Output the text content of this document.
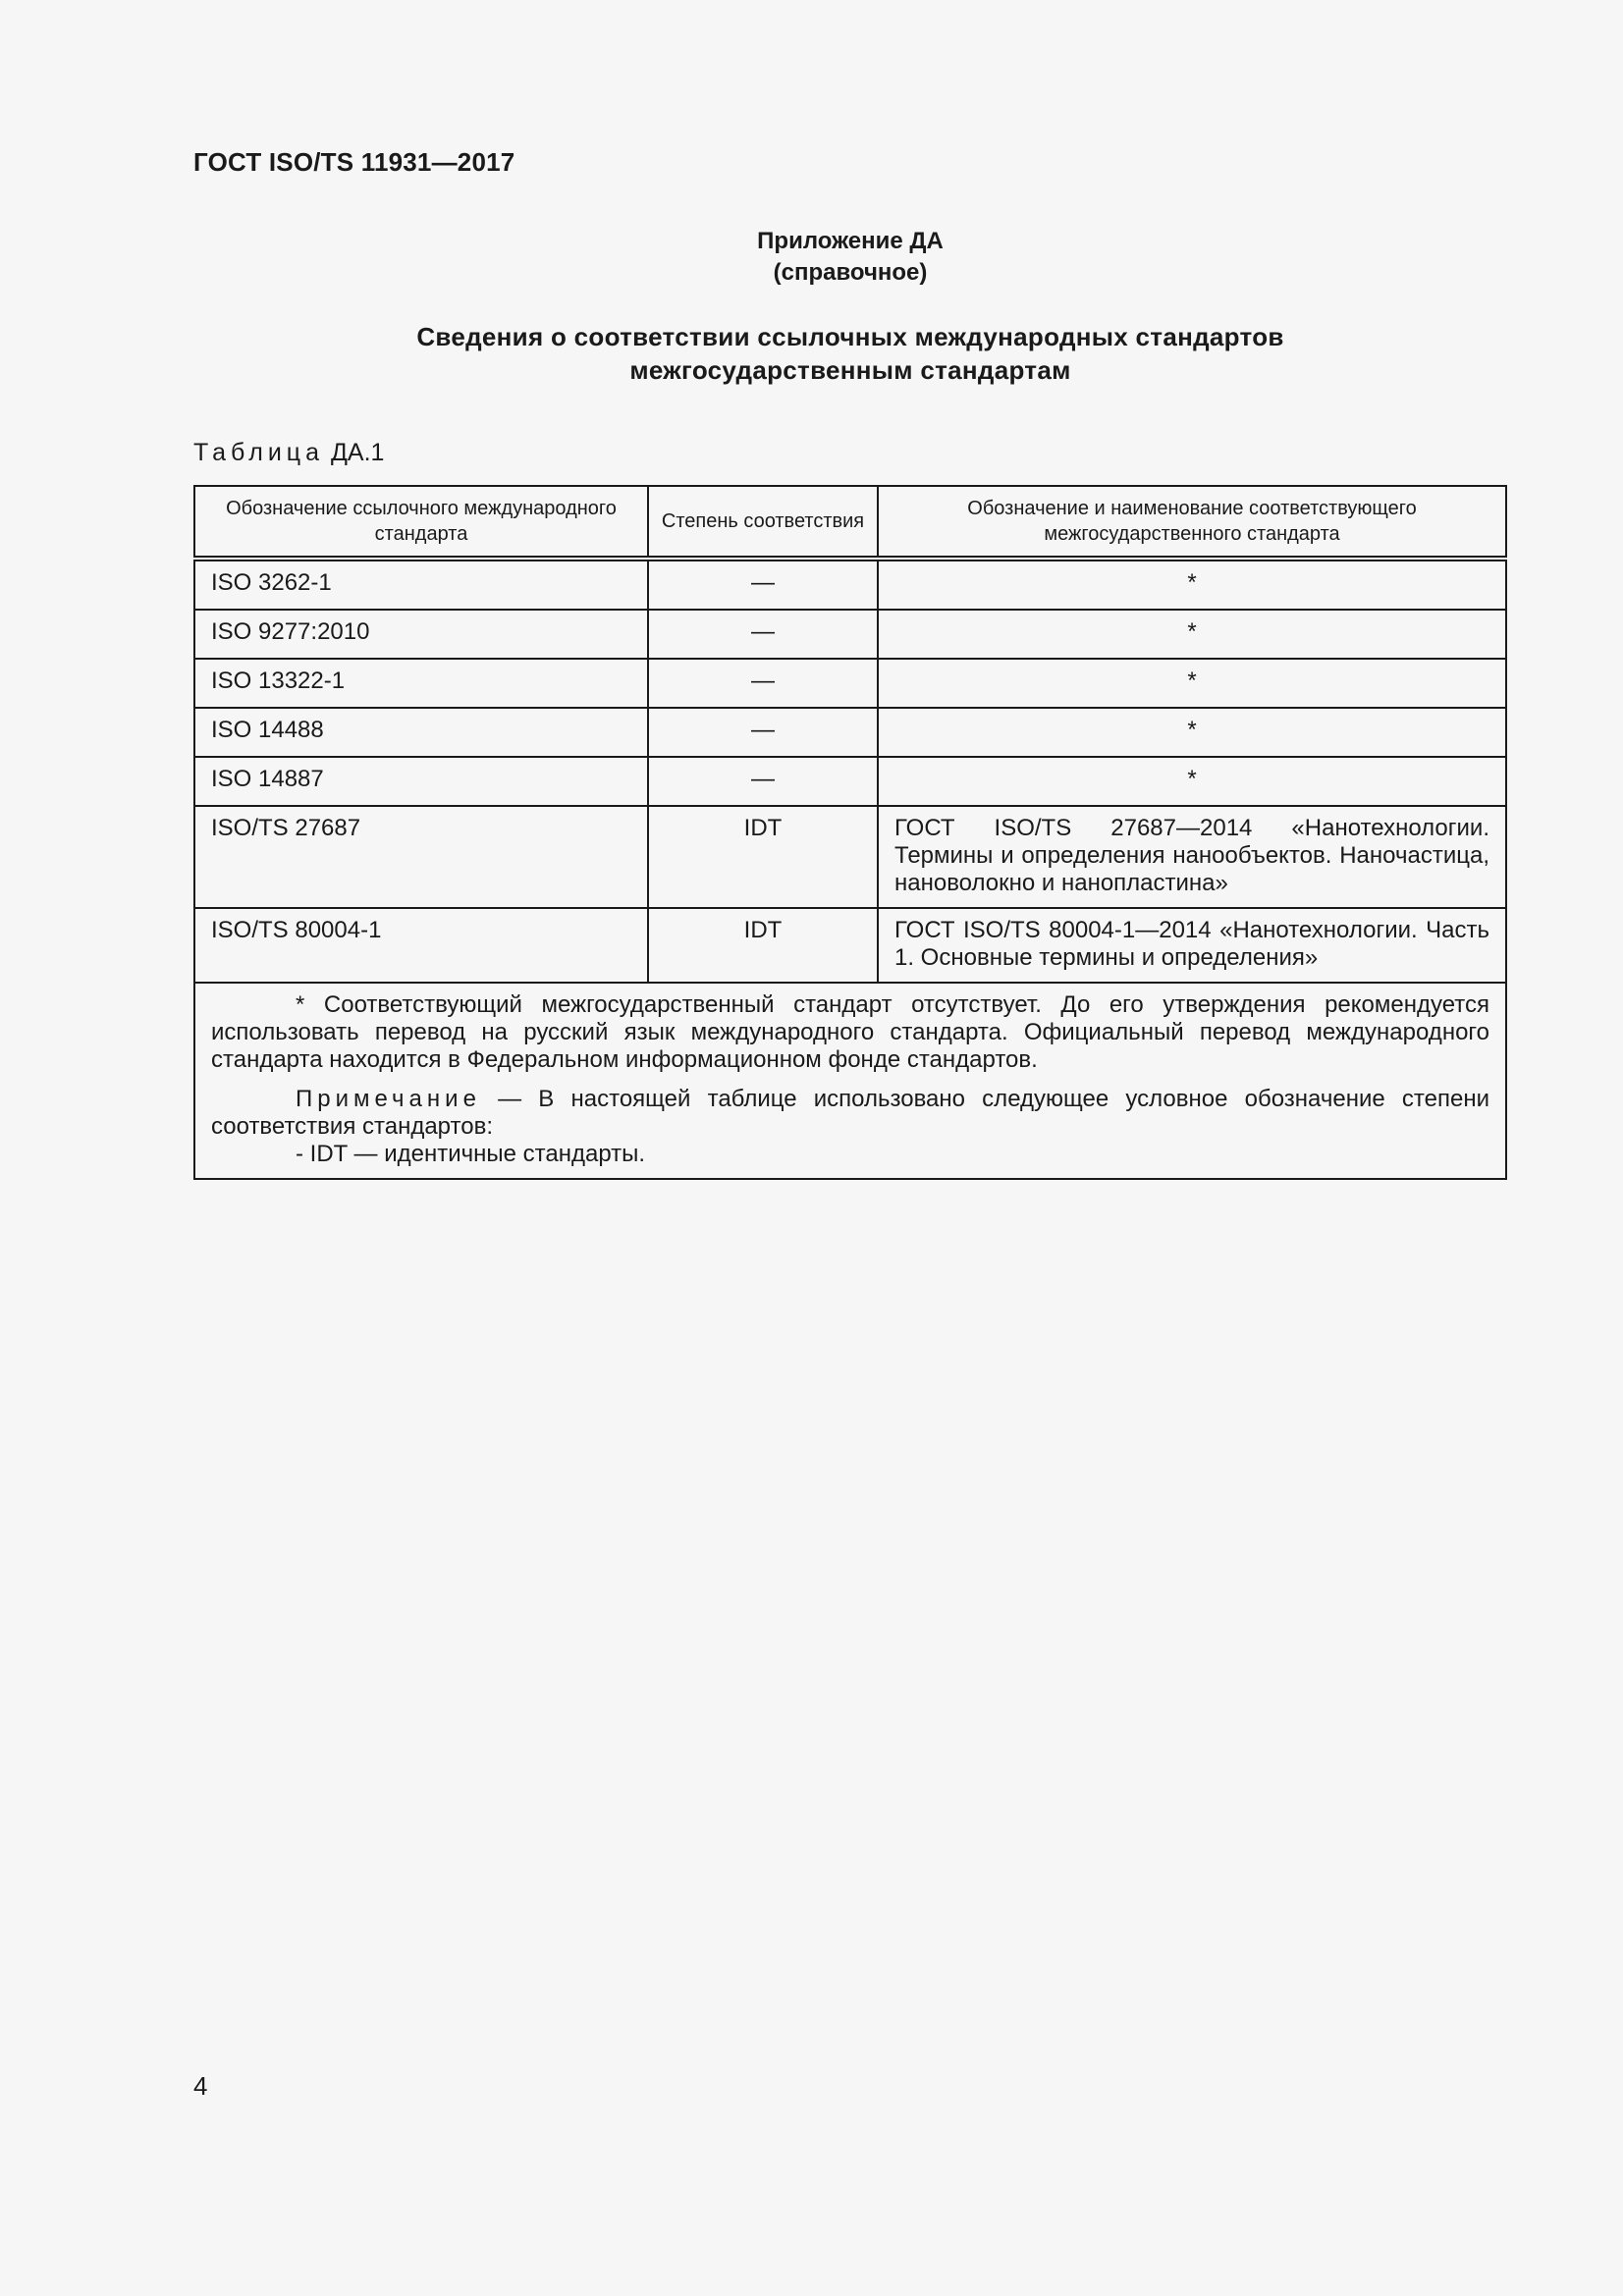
ГОСТ ISO/TS 11931—2017
Приложение ДА
(справочное)
Сведения о соответствии ссылочных международных стандартов
межгосударственным стандартам
Таблица ДА.1
Обозначение ссылочного международного стандарта	Степень соответствия	Обозначение и наименование соответствующего межгосударственного стандарта
ISO 3262-1	—	*
ISO 9277:2010	—	*
ISO 13322-1	—	*
ISO 14488	—	*
ISO 14887	—	*
ISO/TS 27687	IDT	ГОСТ ISO/TS 27687—2014 «Нанотехнологии. Термины и определения нанообъектов. Наночастица, нановолокно и нанопластина»
ISO/TS 80004-1	IDT	ГОСТ ISO/TS 80004-1—2014 «Нанотехнологии. Часть 1. Основные термины и определения»

* Соответствующий межгосударственный стандарт отсутствует. До его утверждения рекомендуется использовать перевод на русский язык международного стандарта. Официальный перевод международного стандарта находится в Федеральном информационном фонде стандартов.

Примечание — В настоящей таблице использовано следующее условное обозначение степени соответствия стандартов:

- IDT — идентичные стандарты.		

4
